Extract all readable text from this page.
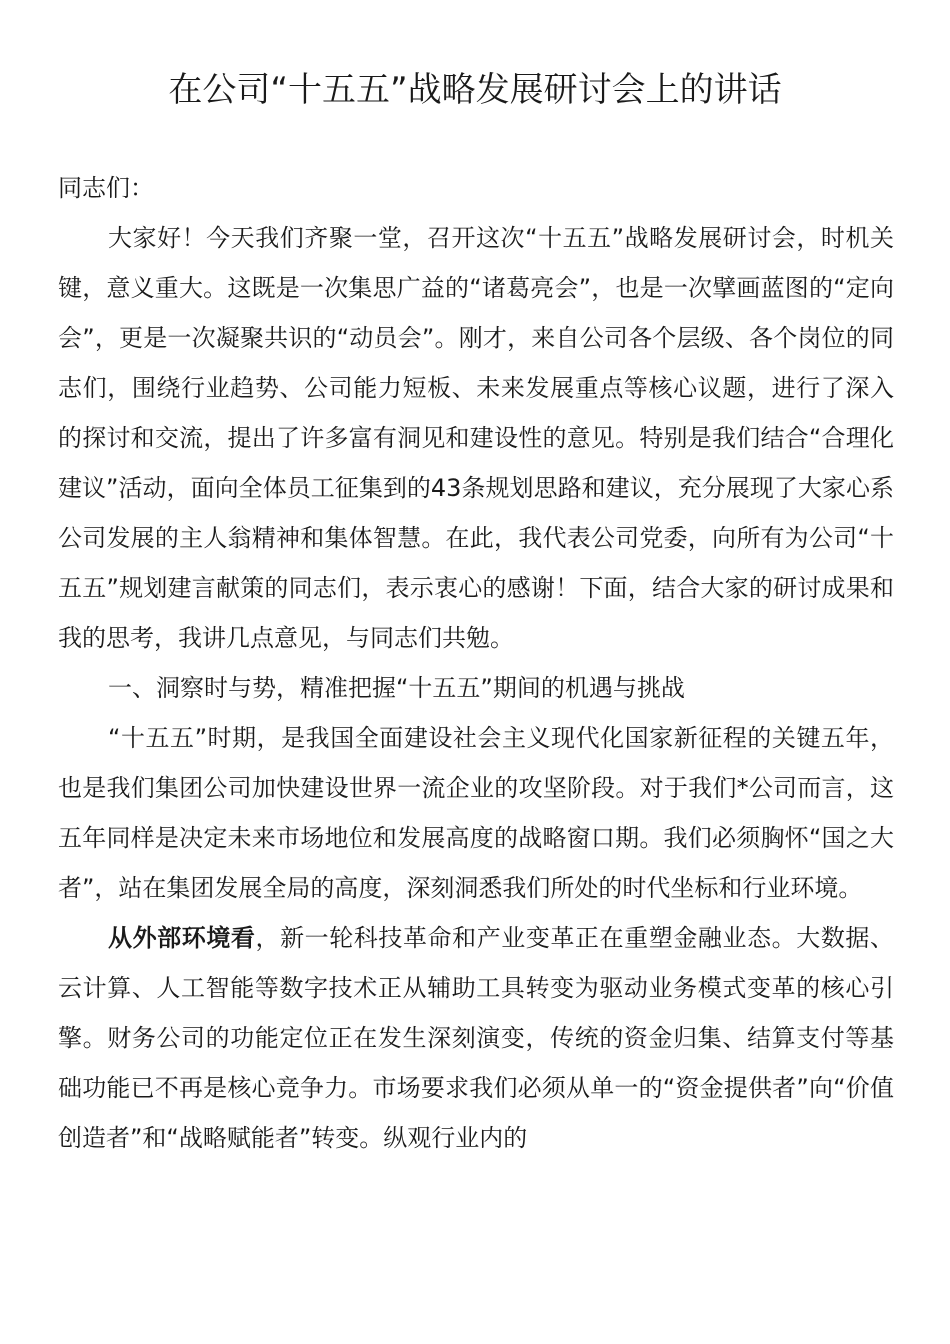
在公司“十五五”战略发展研讨会上的讲话

同志们：

大家好！今天我们齐聚一堂，召开这次“十五五”战略发展研讨会，时机关键，意义重大。这既是一次集思广益的“诸葛亮会”，也是一次擘画蓝图的“定向会”，更是一次凝聚共识的“动员会”。刚才，来自公司各个层级、各个岗位的同志们，围绕行业趋势、公司能力短板、未来发展重点等核心议题，进行了深入的探讨和交流，提出了许多富有洞见和建设性的意见。特别是我们结合“合理化建议”活动，面向全体员工征集到的43条规划思路和建议，充分展现了大家心系公司发展的主人翁精神和集体智慧。在此，我代表公司党委，向所有为公司“十五五”规划建言献策的同志们，表示衷心的感谢！下面，结合大家的研讨成果和我的思考，我讲几点意见，与同志们共勉。

一、洞察时与势，精准把握“十五五”期间的机遇与挑战

“十五五”时期，是我国全面建设社会主义现代化国家新征程的关键五年，也是我们集团公司加快建设世界一流企业的攻坚阶段。对于我们*公司而言，这五年同样是决定未来市场地位和发展高度的战略窗口期。我们必须胸怀“国之大者”，站在集团发展全局的高度，深刻洞悉我们所处的时代坐标和行业环境。

从外部环境看，新一轮科技革命和产业变革正在重塑金融业态。大数据、云计算、人工智能等数字技术正从辅助工具转变为驱动业务模式变革的核心引擎。财务公司的功能定位正在发生深刻演变，传统的资金归集、结算支付等基础功能已不再是核心竞争力。市场要求我们必须从单一的“资金提供者”向“价值创造者”和“战略赋能者”转变。纵观行业内的
